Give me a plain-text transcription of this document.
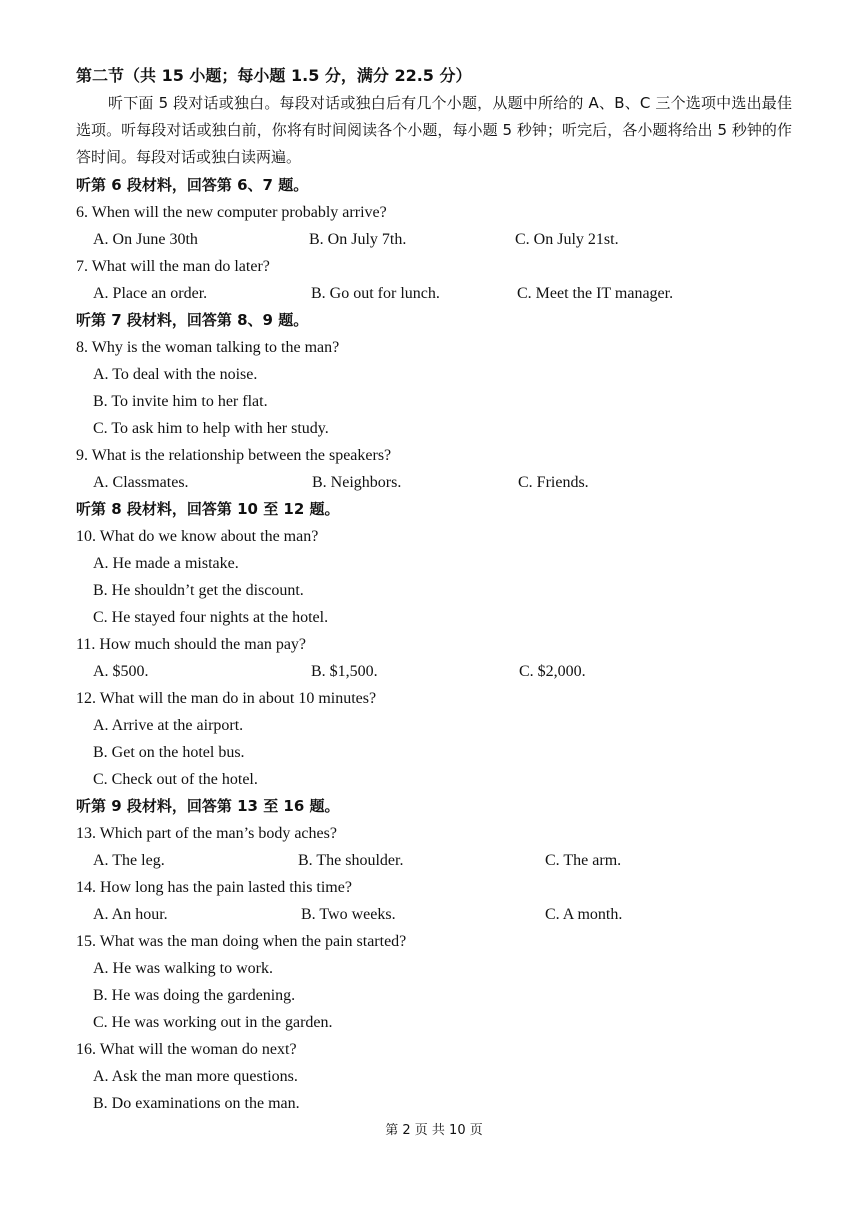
第二节（共 15 小题；每小题 1.5 分，满分 22.5 分）
听下面 5 段对话或独白。每段对话或独白后有几个小题，从题中所给的 A、B、C 三个选项中选出最佳选项。听每段对话或独白前，你将有时间阅读各个小题，每小题 5 秒钟；听完后，各小题将给出 5 秒钟的作答时间。每段对话或独白读两遍。
听第 6 段材料，回答第 6、7 题。
6. When will the new computer probably arrive?
A. On June 30th	B. On July 7th.	C. On July 21st.
7. What will the man do later?
A. Place an order.	B. Go out for lunch.	C. Meet the IT manager.
听第 7 段材料，回答第 8、9 题。
8. Why is the woman talking to the man?
A. To deal with the noise.
B. To invite him to her flat.
C. To ask him to help with her study.
9. What is the relationship between the speakers?
A. Classmates.	B. Neighbors.	C. Friends.
听第 8 段材料，回答第 10 至 12 题。
10. What do we know about the man?
A. He made a mistake.
B. He shouldn’t get the discount.
C. He stayed four nights at the hotel.
11. How much should the man pay?
A. $500.	B. $1,500.	C. $2,000.
12. What will the man do in about 10 minutes?
A. Arrive at the airport.
B. Get on the hotel bus.
C. Check out of the hotel.
听第 9 段材料，回答第 13 至 16 题。
13. Which part of the man’s body aches?
A. The leg.	B. The shoulder.	C. The arm.
14. How long has the pain lasted this time?
A. An hour.	B. Two weeks.	C. A month.
15. What was the man doing when the pain started?
A. He was walking to work.
B. He was doing the gardening.
C. He was working out in the garden.
16. What will the woman do next?
A. Ask the man more questions.
B. Do examinations on the man.
第 2 页 共 10 页
